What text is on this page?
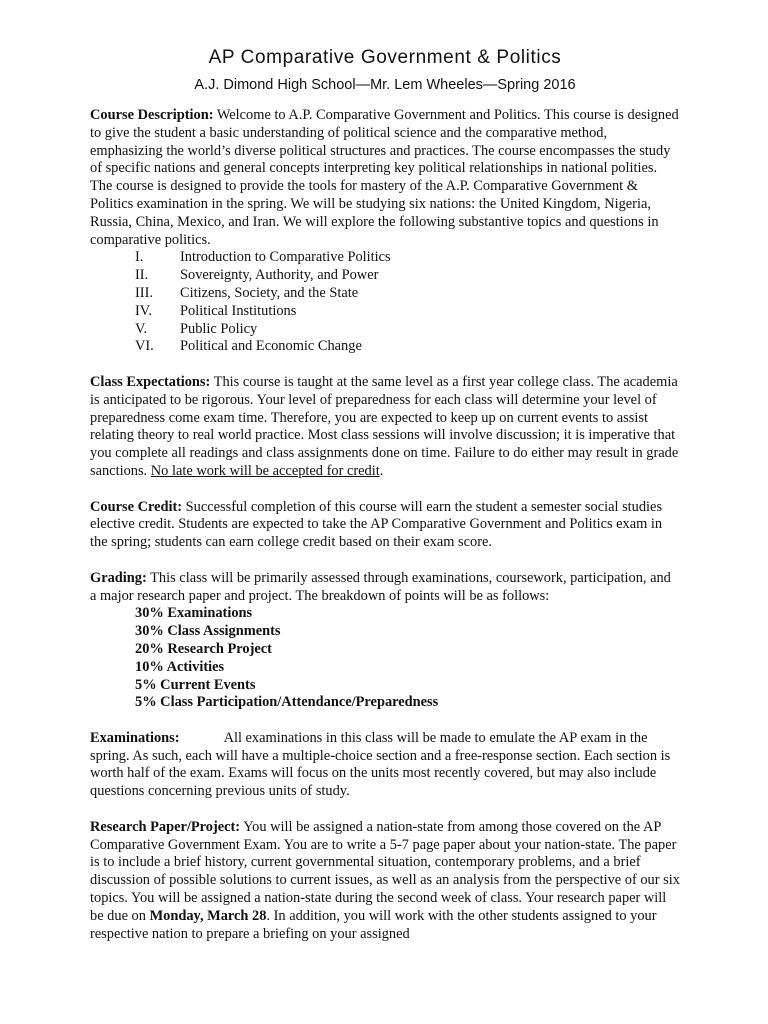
AP Comparative Government & Politics
A.J. Dimond High School—Mr. Lem Wheeles—Spring 2016

Course Description: Welcome to A.P. Comparative Government and Politics. This course is designed to give the student a basic understanding of political science and the comparative method, emphasizing the world’s diverse political structures and practices. The course encompasses the study of specific nations and general concepts interpreting key political relationships in national polities. The course is designed to provide the tools for mastery of the A.P. Comparative Government & Politics examination in the spring. We will be studying six nations: the United Kingdom, Nigeria, Russia, China, Mexico, and Iran. We will explore the following substantive topics and questions in comparative politics.

I.	Introduction to Comparative Politics
II.	Sovereignty, Authority, and Power
III.	Citizens, Society, and the State
IV.	Political Institutions
V.	Public Policy
VI.	Political and Economic Change

Class Expectations: This course is taught at the same level as a first year college class. The academia is anticipated to be rigorous. Your level of preparedness for each class will determine your level of preparedness come exam time. Therefore, you are expected to keep up on current events to assist relating theory to real world practice. Most class sessions will involve discussion; it is imperative that you complete all readings and class assignments done on time. Failure to do either may result in grade sanctions. No late work will be accepted for credit.

Course Credit: Successful completion of this course will earn the student a semester social studies elective credit. Students are expected to take the AP Comparative Government and Politics exam in the spring; students can earn college credit based on their exam score.

Grading: This class will be primarily assessed through examinations, coursework, participation, and a major research paper and project. The breakdown of points will be as follows:

30% Examinations
30% Class Assignments
20% Research Project
10% Activities
5% Current Events
5% Class Participation/Attendance/Preparedness

Examinations:	All examinations in this class will be made to emulate the AP exam in the spring. As such, each will have a multiple-choice section and a free-response section. Each section is worth half of the exam. Exams will focus on the units most recently covered, but may also include questions concerning previous units of study.

Research Paper/Project: You will be assigned a nation-state from among those covered on the AP Comparative Government Exam. You are to write a 5-7 page paper about your nation-state. The paper is to include a brief history, current governmental situation, contemporary problems, and a brief discussion of possible solutions to current issues, as well as an analysis from the perspective of our six topics. You will be assigned a nation-state during the second week of class. Your research paper will be due on Monday, March 28. In addition, you will work with the other students assigned to your respective nation to prepare a briefing on your assigned
